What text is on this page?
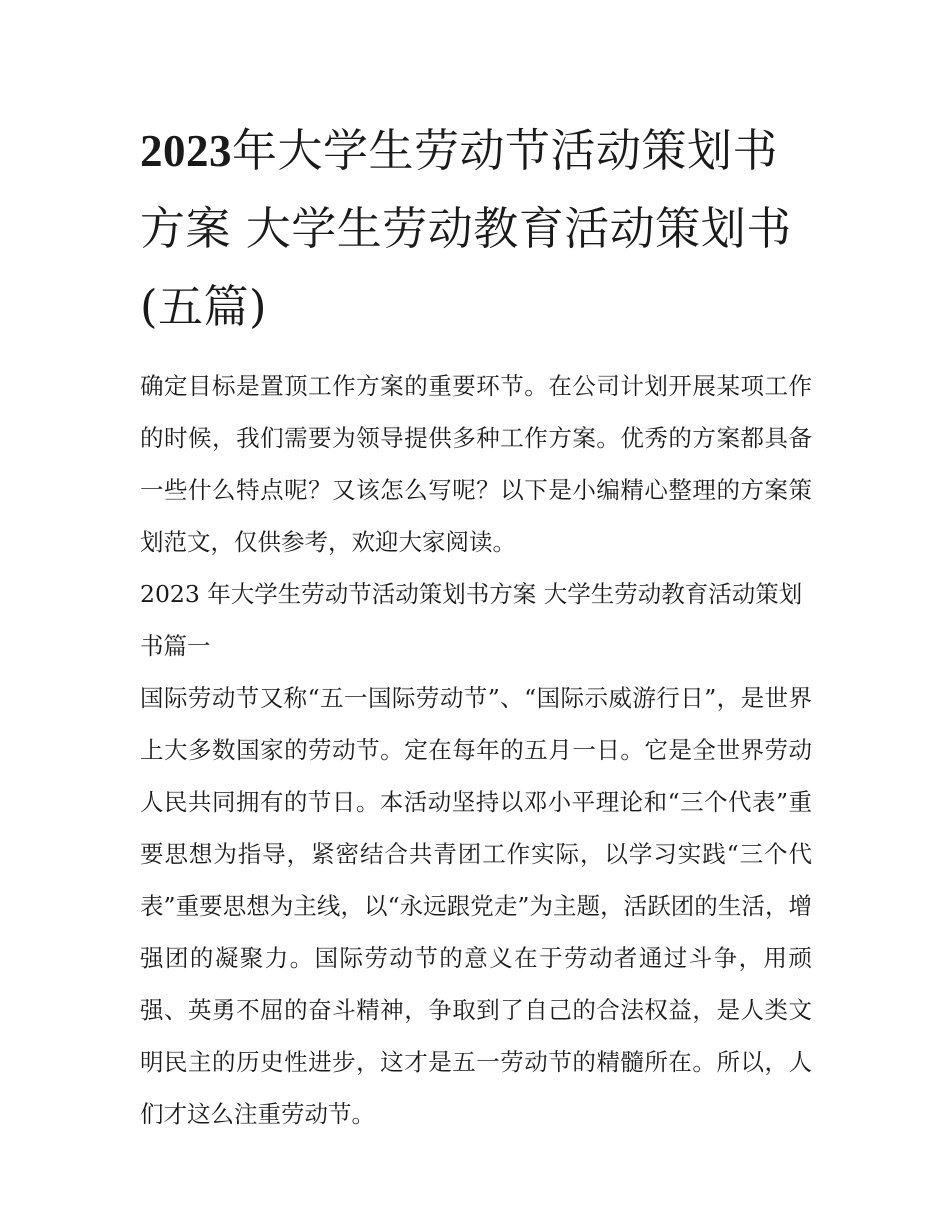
2023年大学生劳动节活动策划书方案 大学生劳动教育活动策划书(五篇)

确定目标是置顶工作方案的重要环节。在公司计划开展某项工作的时候，我们需要为领导提供多种工作方案。优秀的方案都具备一些什么特点呢？又该怎么写呢？以下是小编精心整理的方案策划范文，仅供参考，欢迎大家阅读。

2023 年大学生劳动节活动策划书方案 大学生劳动教育活动策划书篇一

国际劳动节又称“五一国际劳动节”、“国际示威游行日”，是世界上大多数国家的劳动节。定在每年的五月一日。它是全世界劳动人民共同拥有的节日。本活动坚持以邓小平理论和“三个代表”重要思想为指导，紧密结合共青团工作实际，以学习实践“三个代表”重要思想为主线，以“永远跟党走”为主题，活跃团的生活，增强团的凝聚力。国际劳动节的意义在于劳动者通过斗争，用顽强、英勇不屈的奋斗精神，争取到了自己的合法权益，是人类文明民主的历史性进步，这才是五一劳动节的精髓所在。所以，人们才这么注重劳动节。
